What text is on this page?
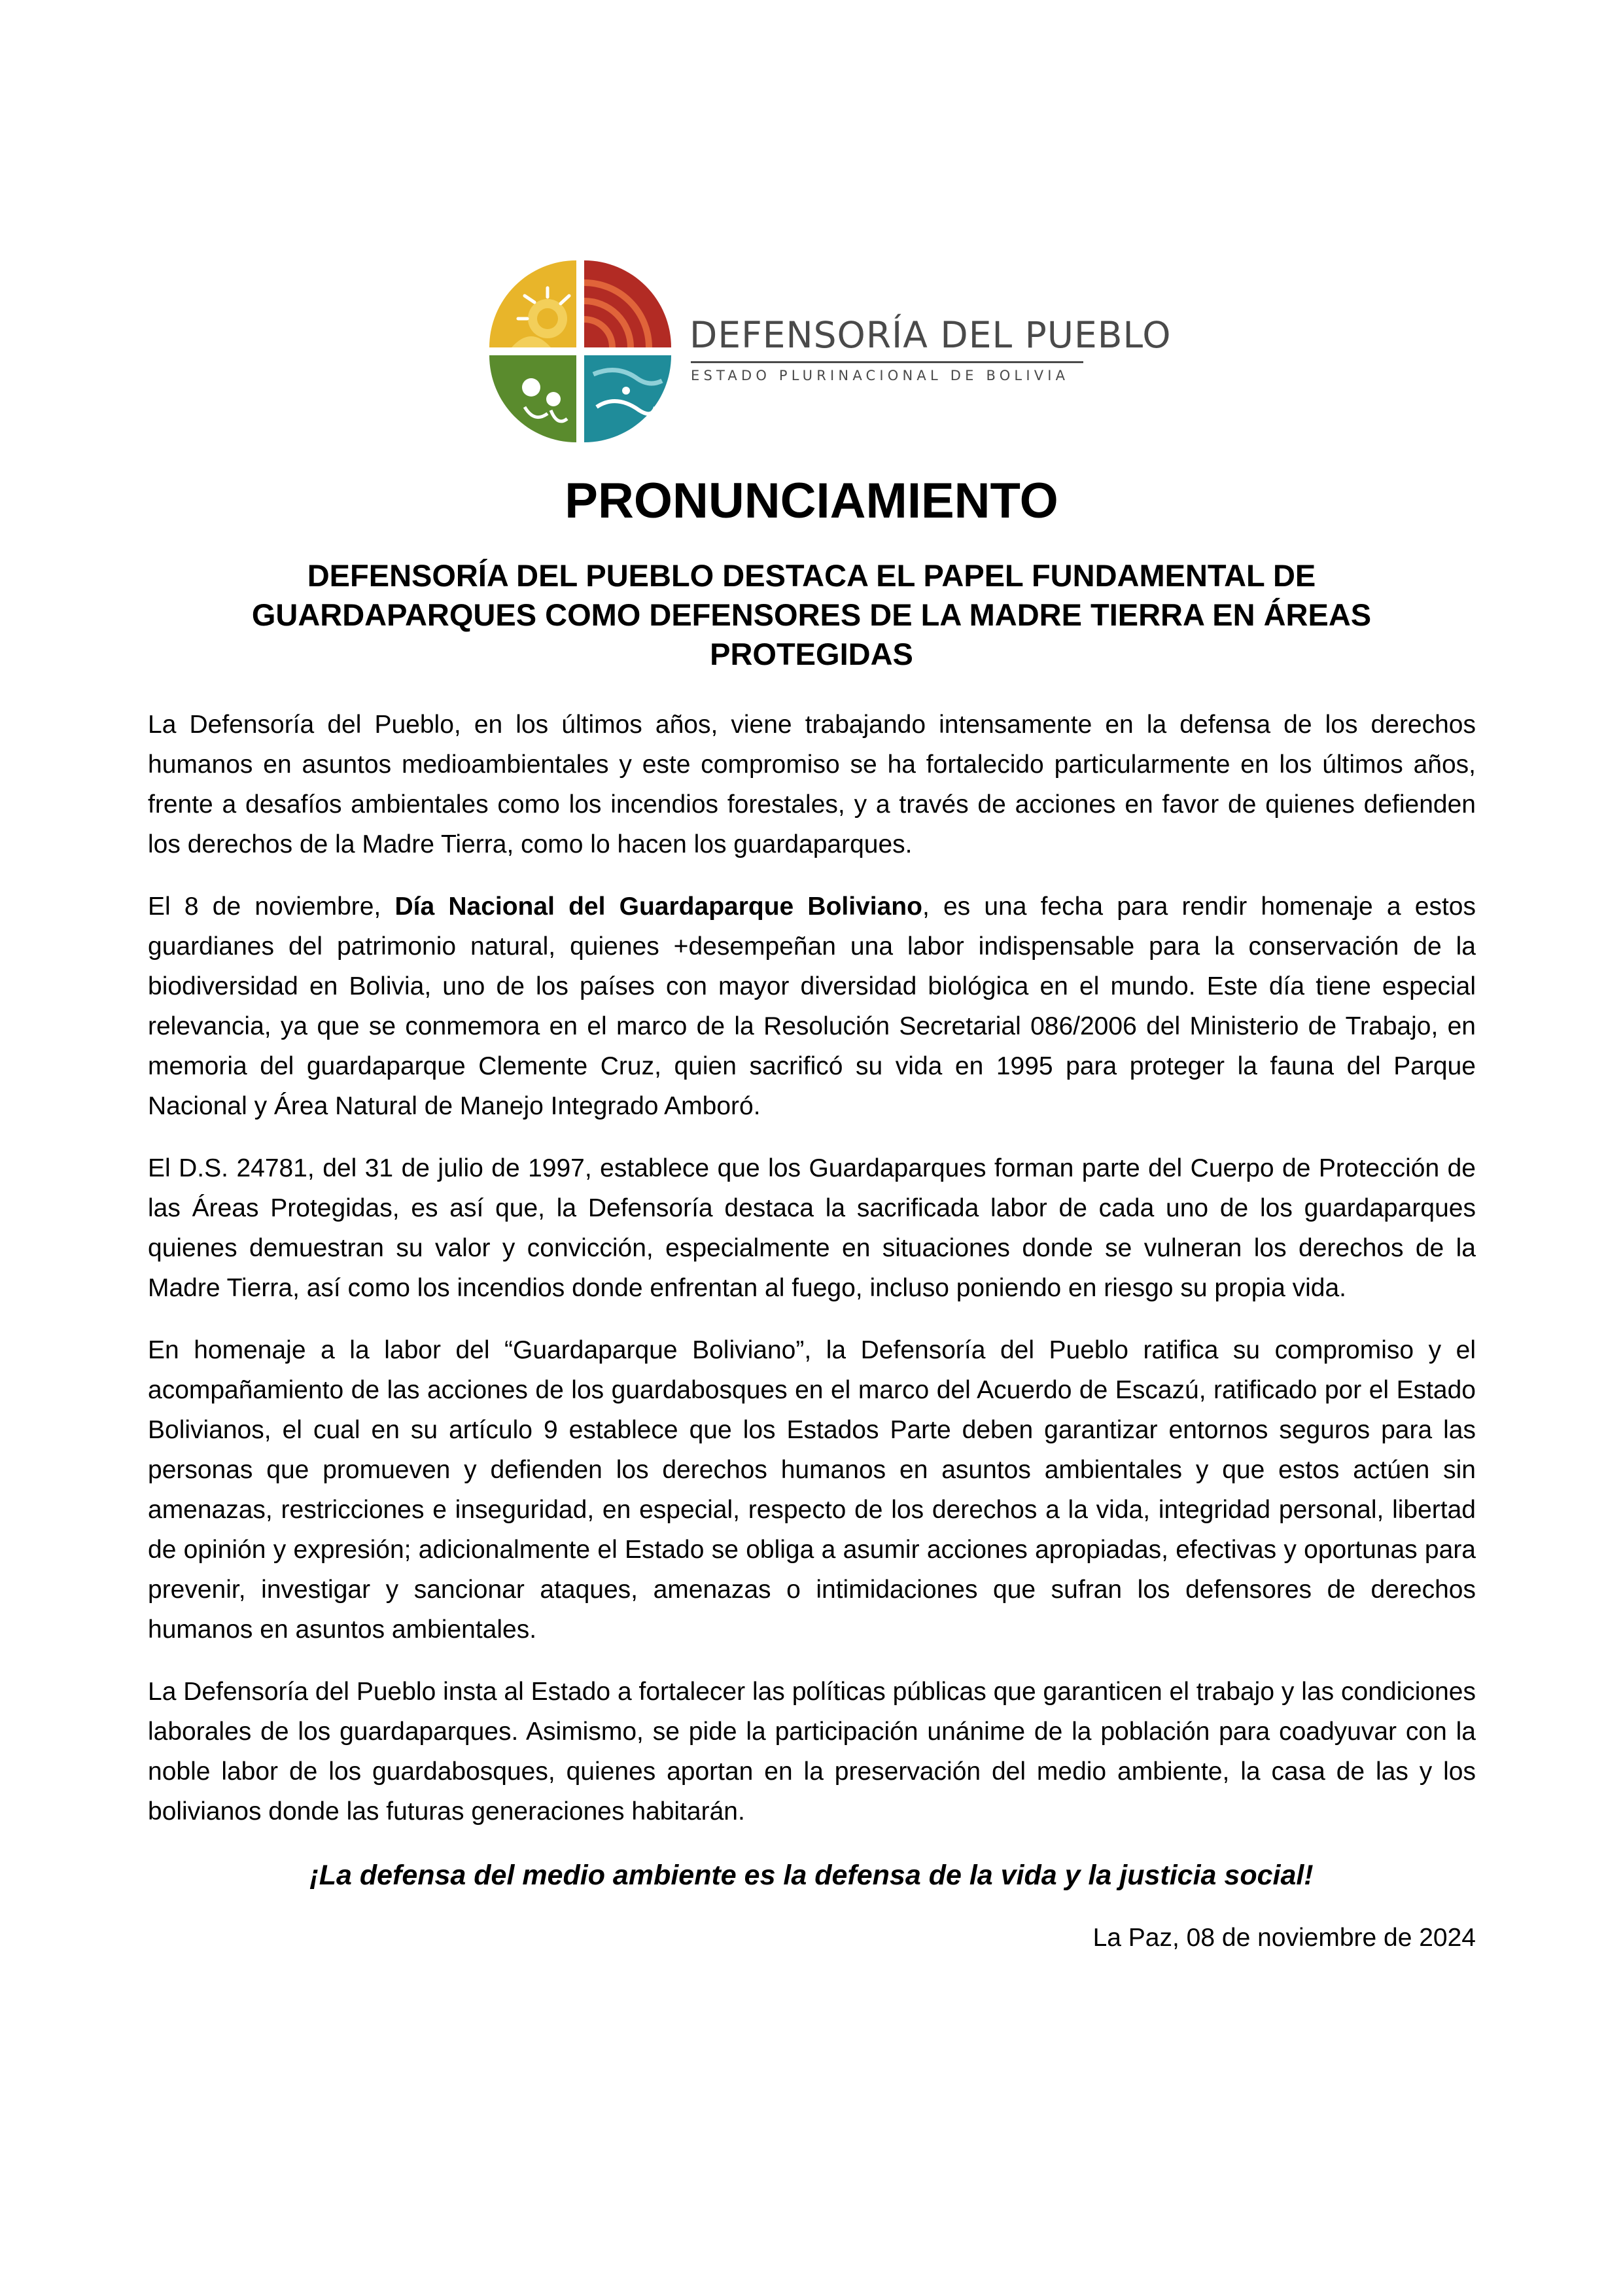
DEFENSORÍA DEL PUEBLO
ESTADO PLURINACIONAL DE BOLIVIA
PRONUNCIAMIENTO
DEFENSORÍA DEL PUEBLO DESTACA EL PAPEL FUNDAMENTAL DE GUARDAPARQUES COMO DEFENSORES DE LA MADRE TIERRA EN ÁREAS PROTEGIDAS

La Defensoría del Pueblo, en los últimos años, viene trabajando intensamente en la defensa de los derechos humanos en asuntos medioambientales y este compromiso se ha fortalecido particularmente en los últimos años, frente a desafíos ambientales como los incendios forestales, y a través de acciones en favor de quienes defienden los derechos de la Madre Tierra, como lo hacen los guardaparques.

El 8 de noviembre, Día Nacional del Guardaparque Boliviano, es una fecha para rendir homenaje a estos guardianes del patrimonio natural, quienes +desempeñan una labor indispensable para la conservación de la biodiversidad en Bolivia, uno de los países con mayor diversidad biológica en el mundo. Este día tiene especial relevancia, ya que se conmemora en el marco de la Resolución Secretarial 086/2006 del Ministerio de Trabajo, en memoria del guardaparque Clemente Cruz, quien sacrificó su vida en 1995 para proteger la fauna del Parque Nacional y Área Natural de Manejo Integrado Amboró.

El D.S. 24781, del 31 de julio de 1997, establece que los Guardaparques forman parte del Cuerpo de Protección de las Áreas Protegidas, es así que, la Defensoría destaca la sacrificada labor de cada uno de los guardaparques quienes demuestran su valor y convicción, especialmente en situaciones donde se vulneran los derechos de la Madre Tierra, así como los incendios donde enfrentan al fuego, incluso poniendo en riesgo su propia vida.

En homenaje a la labor del “Guardaparque Boliviano”, la Defensoría del Pueblo ratifica su compromiso y el acompañamiento de las acciones de los guardabosques en el marco del Acuerdo de Escazú, ratificado por el Estado Bolivianos, el cual en su artículo 9 establece que los Estados Parte deben garantizar entornos seguros para las personas que promueven y defienden los derechos humanos en asuntos ambientales y que estos actúen sin amenazas, restricciones e inseguridad, en especial, respecto de los derechos a la vida, integridad personal, libertad de opinión y expresión; adicionalmente el Estado se obliga a asumir acciones apropiadas, efectivas y oportunas para prevenir, investigar y sancionar ataques, amenazas o intimidaciones que sufran los defensores de derechos humanos en asuntos ambientales.

La Defensoría del Pueblo insta al Estado a fortalecer las políticas públicas que garanticen el trabajo y las condiciones laborales de los guardaparques. Asimismo, se pide la participación unánime de la población para coadyuvar con la noble labor de los guardabosques, quienes aportan en la preservación del medio ambiente, la casa de las y los bolivianos donde las futuras generaciones habitarán.

¡La defensa del medio ambiente es la defensa de la vida y la justicia social!

La Paz, 08 de noviembre de 2024
